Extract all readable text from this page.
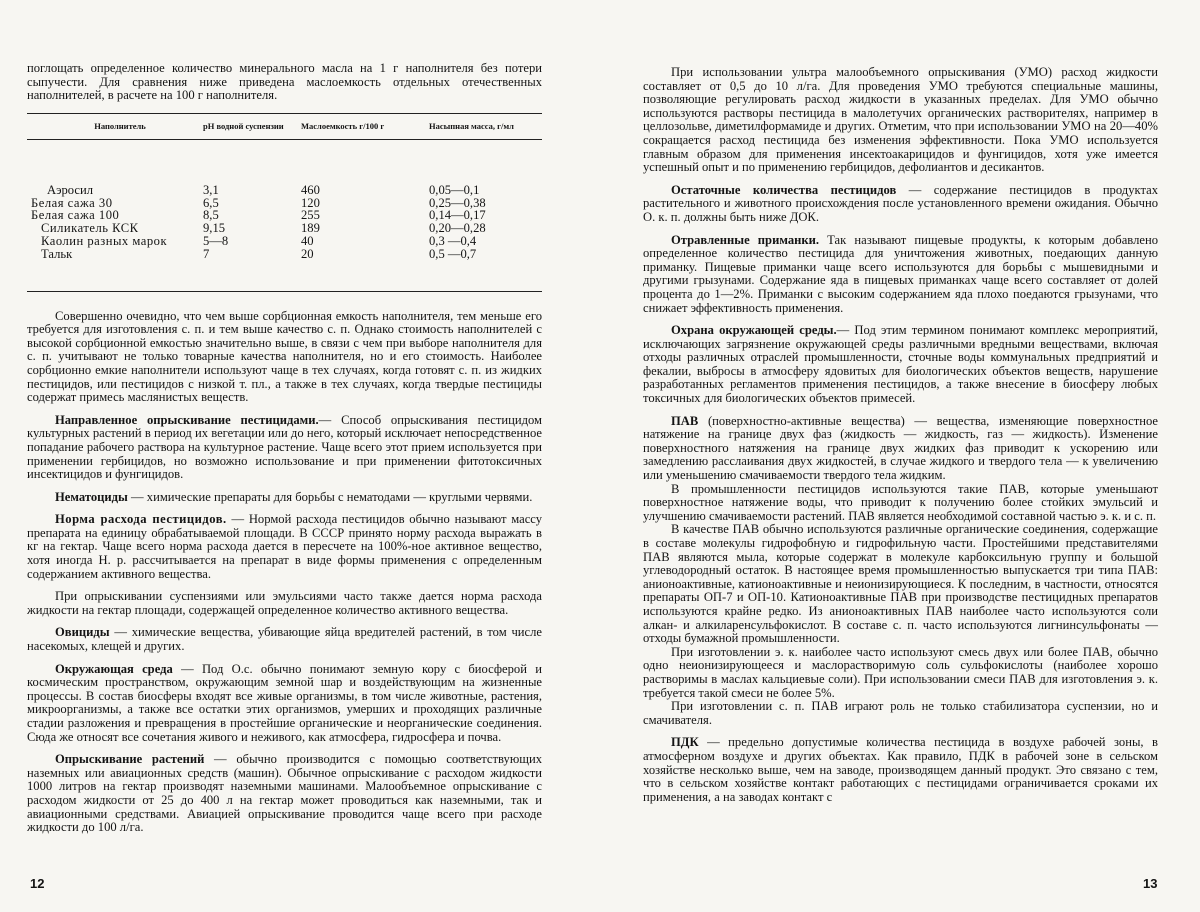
поглощать определенное количество минерального масла на 1 г наполнителя без потери сыпучести. Для сравнения ниже приведена маслоемкость отдельных отечественных наполнителей, в расчете на 100 г наполнителя.

Наполнитель	pH водной суспензии	Маслоемкость г/100 г	Насыпная масса, г/мл
Аэросил	3,1	460	0,05—0,1
Белая сажа 30	6,5	120	0,25—0,38
Белая сажа 100	8,5	255	0,14—0,17
Силикатель КСК	9,15	189	0,20—0,28
Каолин разных марок	5—8	40	0,3 —0,4
Тальк	7	20	0,5 —0,7

Совершенно очевидно, что чем выше сорбционная емкость наполнителя, тем меньше его требуется для изготовления с. п. и тем выше качество с. п. Однако стоимость наполнителей с высокой сорбционной емкостью значительно выше, в связи с чем при выборе наполнителя для с. п. учитывают не только товарные качества наполнителя, но и его стоимость. Наиболее сорбционно емкие наполнители используют чаще в тех случаях, когда готовят с. п. из жидких пестицидов, или пестицидов с низкой т. пл., а также в тех случаях, когда твердые пестициды содержат примесь маслянистых веществ.

Направленное опрыскивание пестицидами.— Способ опрыскивания пестицидом культурных растений в период их вегетации или до него, который исключает непосредственное попадание рабочего раствора на культурное растение. Чаще всего этот прием используется при применении гербицидов, но возможно использование и при применении фитотоксичных инсектицидов и фунгицидов.

Нематоциды — химические препараты для борьбы с нематодами — круглыми червями.

Норма расхода пестицидов. — Нормой расхода пестицидов обычно называют массу препарата на единицу обрабатываемой площади. В СССР принято норму расхода выражать в кг на гектар. Чаще всего норма расхода дается в пересчете на 100%-ное активное вещество, хотя иногда Н. р. рассчитывается на препарат в виде формы применения с определенным содержанием активного вещества.

При опрыскивании суспензиями или эмульсиями часто также дается норма расхода жидкости на гектар площади, содержащей определенное количество активного вещества.

Овициды — химические вещества, убивающие яйца вредителей растений, в том числе насекомых, клещей и других.

Окружающая среда — Под О.с. обычно понимают земную кору с биосферой и космическим пространством, окружающим земной шар и воздействующим на жизненные процессы. В состав биосферы входят все живые организмы, в том числе животные, растения, микроорганизмы, а также все остатки этих организмов, умерших и проходящих различные стадии разложения и превращения в простейшие органические и неорганические соединения. Сюда же относят все сочетания живого и неживого, как атмосфера, гидросфера и почва.

Опрыскивание растений — обычно производится с помощью соответствующих наземных или авиационных средств (машин). Обычное опрыскивание с расходом жидкости 1000 литров на гектар производят наземными машинами. Малообъемное опрыскивание с расходом жидкости от 25 до 400 л на гектар может проводиться как наземными, так и авиационными средствами. Авиацией опрыскивание проводится чаще всего при расходе жидкости до 100 л/га.

12

При использовании ультра малообъемного опрыскивания (УМО) расход жидкости составляет от 0,5 до 10 л/га. Для проведения УМО требуются специальные машины, позволяющие регулировать расход жидкости в указанных пределах. Для УМО обычно используются растворы пестицида в малолетучих органических растворителях, например в целлозольве, диметилформамиде и других. Отметим, что при использовании УМО на 20—40% сокращается расход пестицида без изменения эффективности. Пока УМО используется главным образом для применения инсектоакарицидов и фунгицидов, хотя уже имеется успешный опыт и по применению гербицидов, дефолиантов и десикантов.

Остаточные количества пестицидов — содержание пестицидов в продуктах растительного и животного происхождения после установленного времени ожидания. Обычно О. к. п. должны быть ниже ДОК.

Отравленные приманки. Так называют пищевые продукты, к которым добавлено определенное количество пестицида для уничтожения животных, поедающих данную приманку. Пищевые приманки чаще всего используются для борьбы с мышевидными и другими грызунами. Содержание яда в пищевых приманках чаще всего составляет от долей процента до 1—2%. Приманки с высоким содержанием яда плохо поедаются грызунами, что снижает эффективность применения.

Охрана окружающей среды.— Под этим термином понимают комплекс мероприятий, исключающих загрязнение окружающей среды различными вредными веществами, включая отходы различных отраслей промышленности, сточные воды коммунальных предприятий и фекалии, выбросы в атмосферу ядовитых для биологических объектов веществ, нарушение разработанных регламентов применения пестицидов, а также внесение в биосферу любых токсичных для биологических объектов примесей.

ПАВ (поверхностно-активные вещества) — вещества, изменяющие поверхностное натяжение на границе двух фаз (жидкость — жидкость, газ — жидкость). Изменение поверхностного натяжения на границе двух жидких фаз приводит к ускорению или замедлению расслаивания двух жидкостей, в случае жидкого и твердого тела — к увеличению или уменьшению смачиваемости твердого тела жидким.

В промышленности пестицидов используются такие ПАВ, которые уменьшают поверхностное натяжение воды, что приводит к получению более стойких эмульсий и улучшению смачиваемости растений. ПАВ является необходимой составной частью э. к. и с. п.

В качестве ПАВ обычно используются различные органические соединения, содержащие в составе молекулы гидрофобную и гидрофильную части. Простейшими представителями ПАВ являются мыла, которые содержат в молекуле карбоксильную группу и большой углеводородный остаток. В настоящее время промышленностью выпускается три типа ПАВ: анионоактивные, катионоактивные и неионизирующиеся. К последним, в частности, относятся препараты ОП-7 и ОП-10. Катионоактивные ПАВ при производстве пестицидных препаратов используются крайне редко. Из анионоактивных ПАВ наиболее часто используются соли алкан- и алкиларенсульфокислот. В составе с. п. часто используются лигнинсульфонаты — отходы бумажной промышленности.

При изготовлении э. к. наиболее часто используют смесь двух или более ПАВ, обычно одно неионизирующееся и маслорастворимую соль сульфокислоты (наиболее хорошо растворимы в маслах кальциевые соли). При использовании смеси ПАВ для изготовления э. к. требуется такой смеси не более 5%.

При изготовлении с. п. ПАВ играют роль не только стабилизатора суспензии, но и смачивателя.

ПДК — предельно допустимые количества пестицида в воздухе рабочей зоны, в атмосферном воздухе и других объектах. Как правило, ПДК в рабочей зоне в сельском хозяйстве несколько выше, чем на заводе, производящем данный продукт. Это связано с тем, что в сельском хозяйстве контакт работающих с пестицидами ограничивается сроками их применения, а на заводах контакт с

13
